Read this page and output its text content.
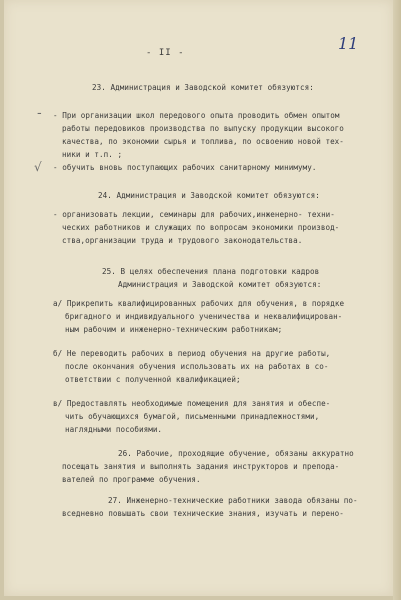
- II -	11
-
√
23. Администрация и Заводской комитет обязуются:
- При организации школ передового опыта проводить обмен опытом
работы передовиков производства по выпуску продукции высокого
качества, по экономии сырья и топлива, по освоению новой тех-
ники и т.п. ;
- обучить вновь поступающих рабочих санитарному минимуму.
24. Администрация и Заводской комитет обязуются:
- организовать лекции, семинары для рабочих,инженерно- техни-
ческих работников и служащих по вопросам экономики производ-
ства,организации труда и трудового законодательства.
25. В целях обеспечения плана подготовки кадров
Администрация и Заводской комитет обязуются:
а/ Прикрепить квалифицированных рабочих для обучения, в порядке
бригадного и индивидуального ученичества и неквалифицирован-
ным рабочим и инженерно-техническим работникам;
б/ Не переводить рабочих в период обучения на другие работы,
после окончания обучения использовать их на работах в со-
ответствии с полученной квалификацией;
в/ Предоставлять необходимые помещения для занятия и обеспе-
чить обучающихся бумагой, письменными принадлежностями,
наглядными пособиями.
26. Рабочие, проходящие обучение, обязаны аккуратно
посещать занятия и выполнять задания инструкторов и препода-
вателей по программе обучения.
27. Инженерно-технические работники завода обязаны по-
вседневно повышать свои технические знания, изучать и перено-
